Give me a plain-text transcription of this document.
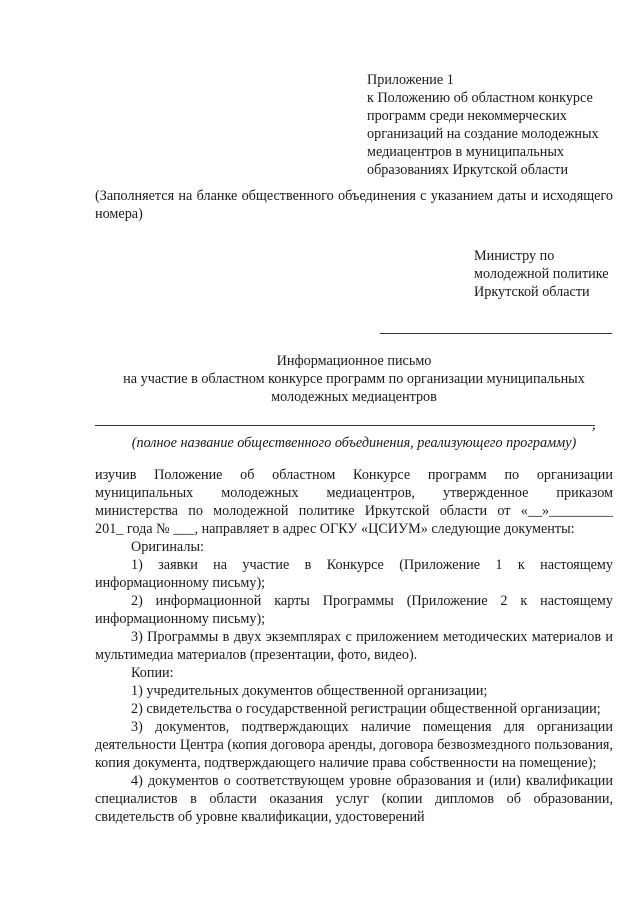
Приложение 1
к Положению об областном конкурсе
программ среди некоммерческих
организаций на создание молодежных
медиацентров в муниципальных
образованиях Иркутской области

(Заполняется на бланке общественного объединения с указанием даты и исходящего номера)

Министру по
молодежной политике
Иркутской области
Информационное письмо
на участие в областном конкурсе программ по организации муниципальных
молодежных медиацентров
,
(полное название общественного объединения, реализующего программу)

изучив Положение об областном Конкурсе программ по организации

муниципальных молодежных медиацентров, утвержденное приказом

министерства по молодежной политике Иркутской области от «__»_________

201_ года № ___, направляет в адрес ОГКУ «ЦСИУМ» следующие документы:

Оригиналы:

1) заявки на участие в Конкурсе (Приложение 1 к настоящему информационному письму);

2) информационной карты Программы (Приложение 2 к настоящему информационному письму);

3) Программы в двух экземплярах с приложением методических материалов и мультимедиа материалов (презентации, фото, видео).

Копии:

1) учредительных документов общественной организации;

2) свидетельства о государственной регистрации общественной организации;

3) документов, подтверждающих наличие помещения для организации деятельности Центра (копия договора аренды, договора безвозмездного пользования, копия документа, подтверждающего наличие права собственности на помещение);

4) документов о соответствующем уровне образования и (или) квалификации специалистов в области оказания услуг (копии дипломов об образовании, свидетельств об уровне квалификации, удостоверений
